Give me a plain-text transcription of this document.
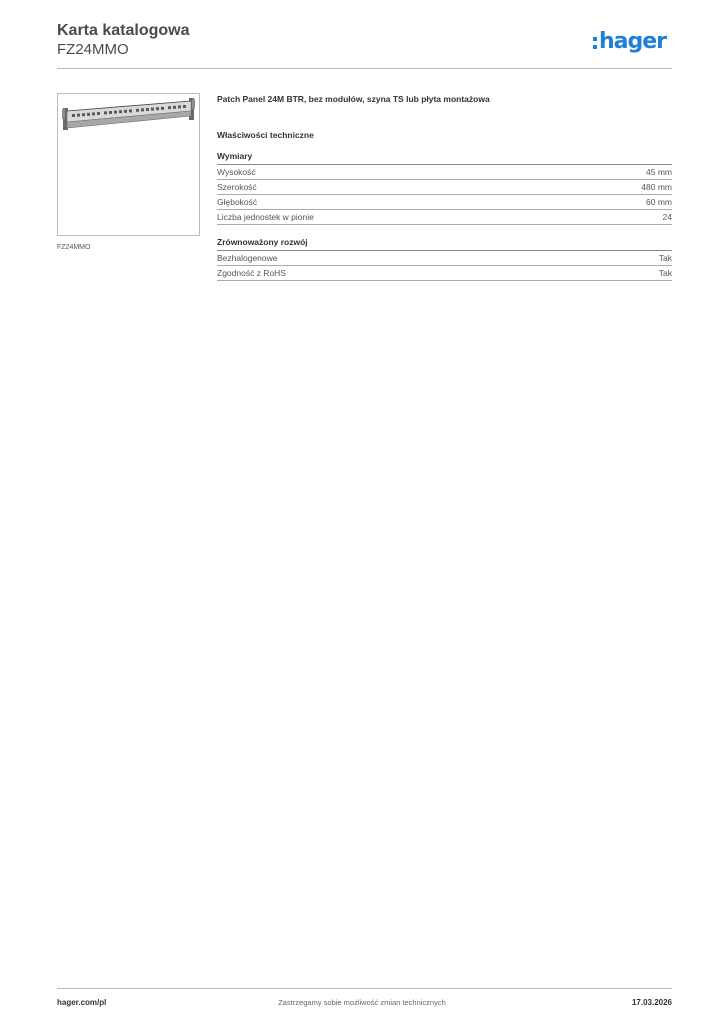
Karta katalogowa
FZ24MMO	hager
FZ24MMO
Patch Panel 24M BTR, bez modułów, szyna TS lub płyta montażowa
Właściwości techniczne
Wymiary
Wysokość	45 mm
Szerokość	480 mm
Głębokość	60 mm
Liczba jednostek w pionie	24
Zrównoważony rozwój
Bezhalogenowe	Tak
Zgodność z RoHS	Tak
hager.com/pl	Zastrzegamy sobie możliwość zmian technicznych	17.03.2026
